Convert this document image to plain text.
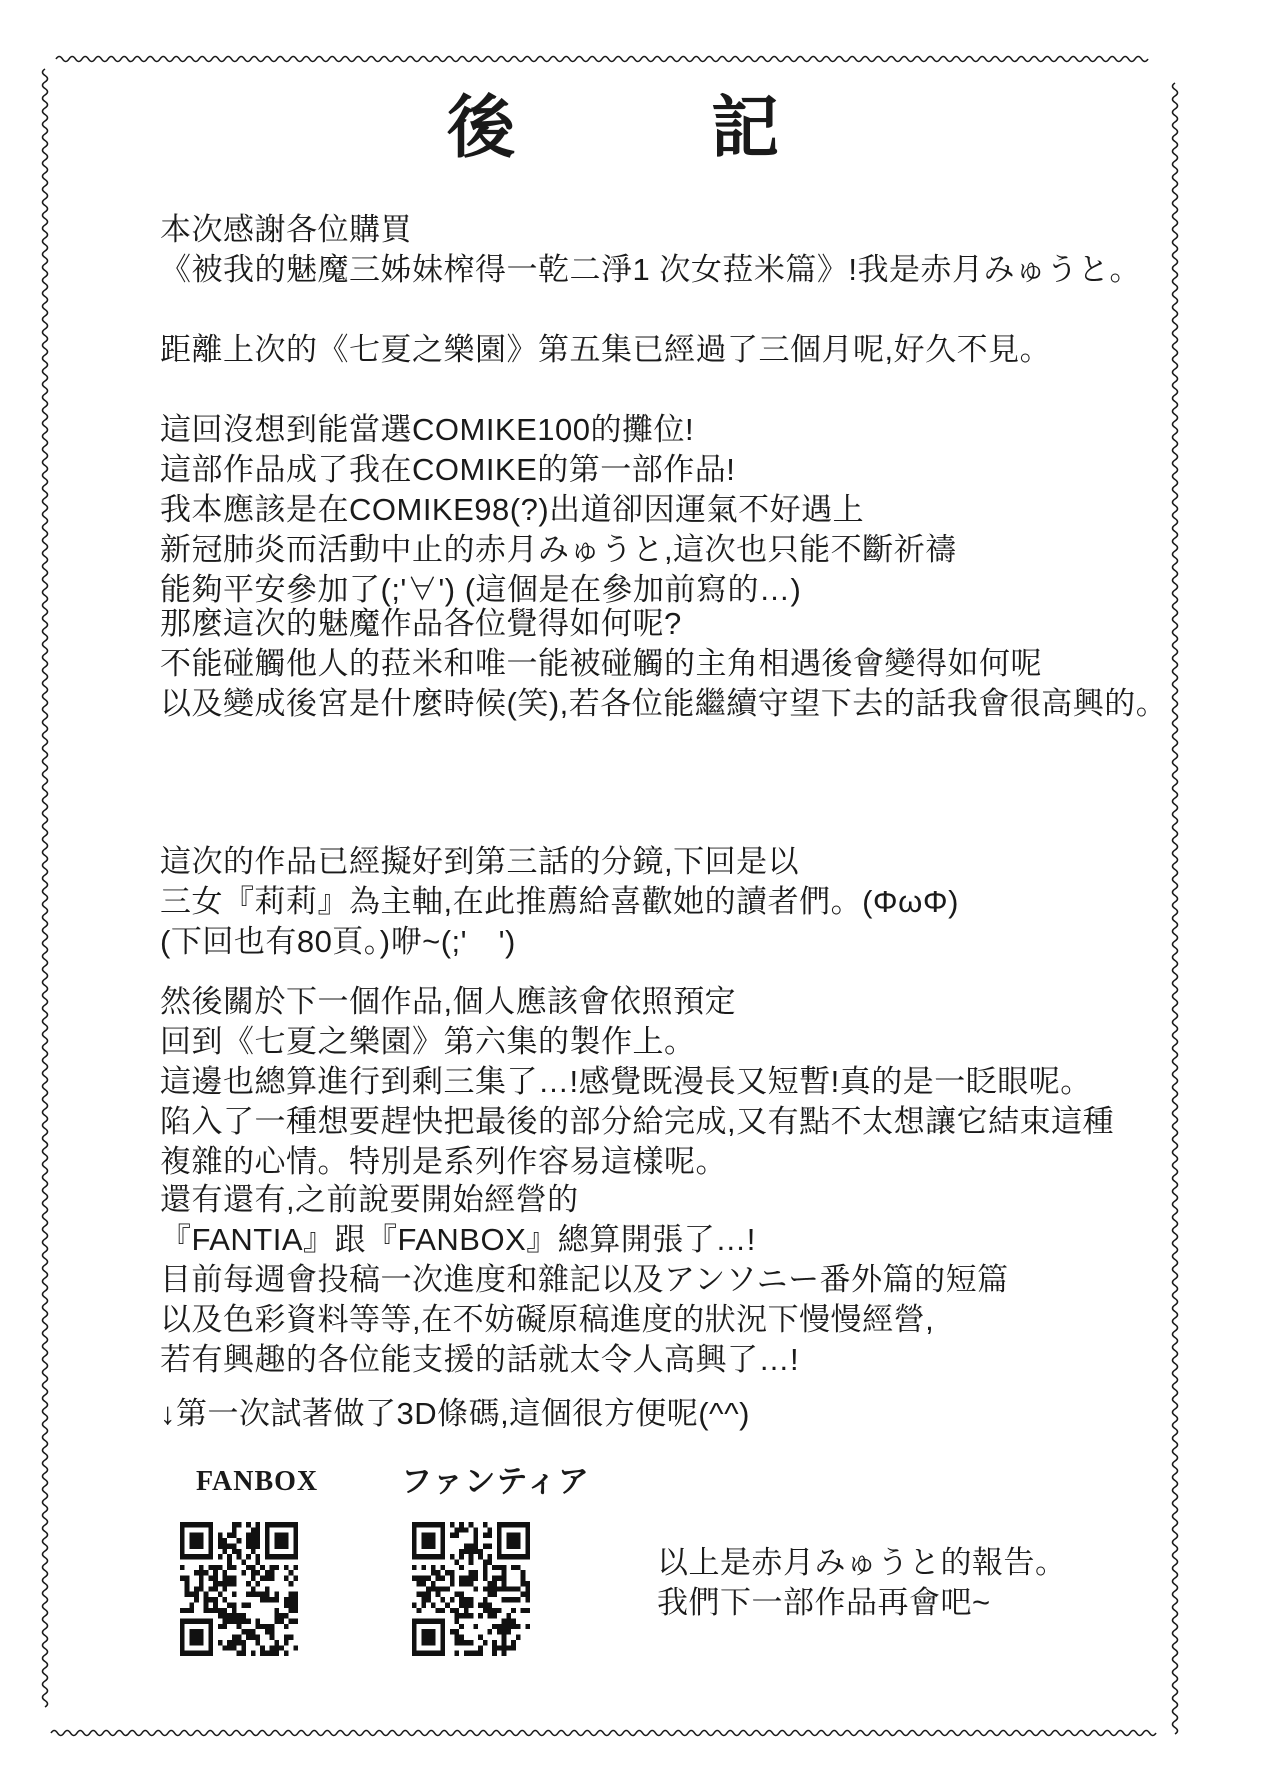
後	記
本次感謝各位購買
《被我的魅魔三姊妹榨得一乾二淨1 次女菈米篇》!我是赤月みゅうと。
距離上次的《七夏之樂園》第五集已經過了三個月呢,好久不見。
這回沒想到能當選COMIKE100的攤位!
這部作品成了我在COMIKE的第一部作品!
我本應該是在COMIKE98(?)出道卻因運氣不好遇上
新冠肺炎而活動中止的赤月みゅうと,這次也只能不斷祈禱
能夠平安參加了(;'∀') (這個是在參加前寫的…)
那麼這次的魅魔作品各位覺得如何呢?
不能碰觸他人的菈米和唯一能被碰觸的主角相遇後會變得如何呢
以及變成後宮是什麼時候(笑),若各位能繼續守望下去的話我會很高興的。
這次的作品已經擬好到第三話的分鏡,下回是以
三女『莉莉』為主軸,在此推薦給喜歡她的讀者們。(ΦωΦ)
(下回也有80頁。)咿~(;'　')
然後關於下一個作品,個人應該會依照預定
回到《七夏之樂園》第六集的製作上。
這邊也總算進行到剩三集了…!感覺既漫長又短暫!真的是一眨眼呢。
陷入了一種想要趕快把最後的部分給完成,又有點不太想讓它結束這種
複雜的心情。特別是系列作容易這樣呢。
還有還有,之前說要開始經營的
『FANTIA』跟『FANBOX』總算開張了…!
目前每週會投稿一次進度和雜記以及アンソニー番外篇的短篇
以及色彩資料等等,在不妨礙原稿進度的狀況下慢慢經營,
若有興趣的各位能支援的話就太令人高興了…!
↓第一次試著做了3D條碼,這個很方便呢(^^)
FANBOX	ファンティア
以上是赤月みゅうと的報告。
我們下一部作品再會吧~
